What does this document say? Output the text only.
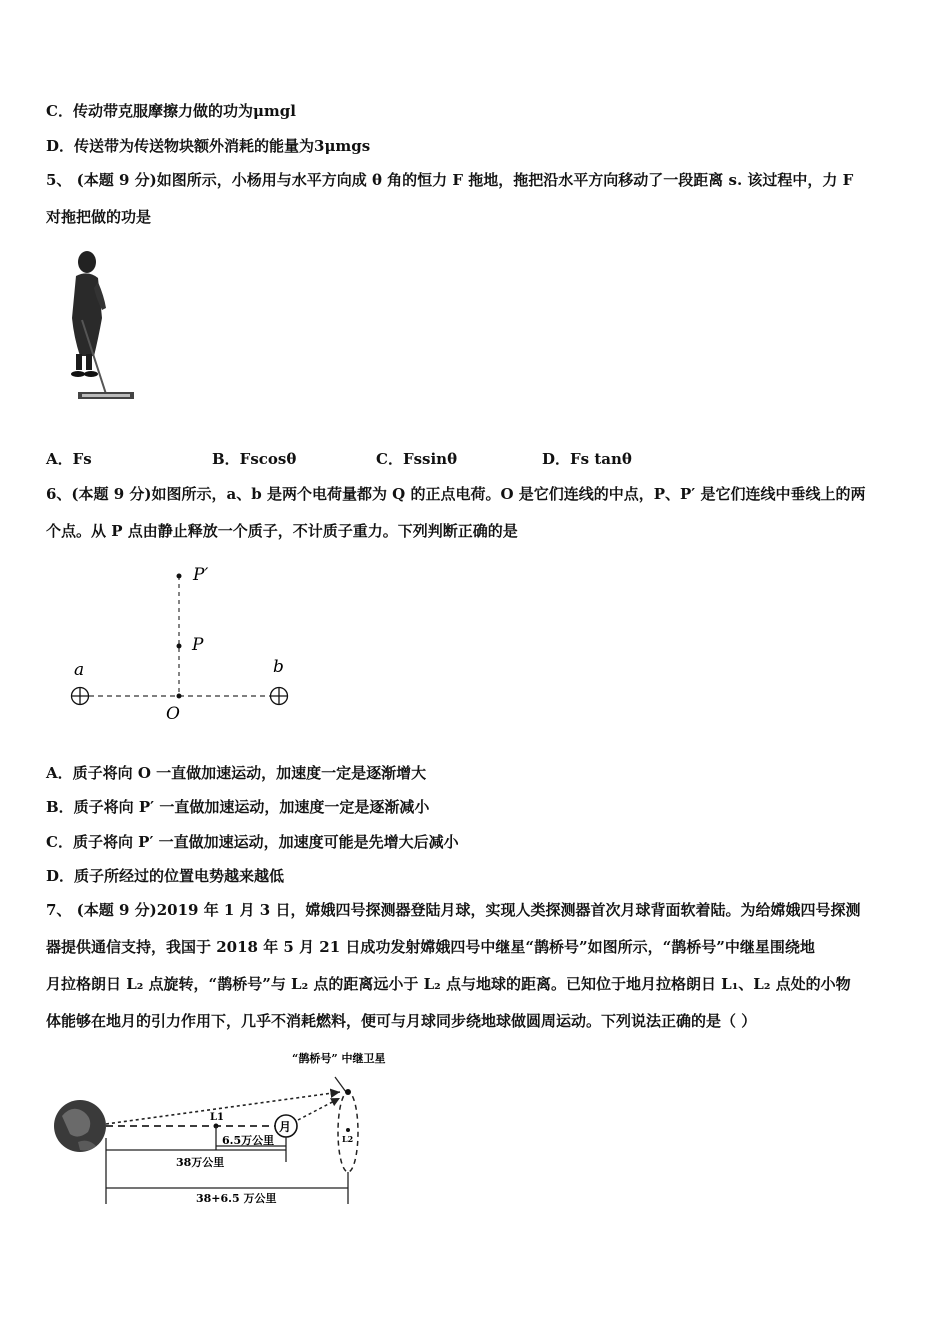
C．传动带克服摩擦力做的功为μmgl
D．传送带为传送物块额外消耗的能量为3μmgs
5、 (本题 9 分)如图所示，小杨用与水平方向成 θ 角的恒力 F 拖地，拖把沿水平方向移动了一段距离 s. 该过程中，力 F
对拖把做的功是
A．Fs	B．Fscosθ	C．Fssinθ	D．Fs tanθ
6、(本题 9 分)如图所示，a、b 是两个电荷量都为 Q 的正点电荷。O 是它们连线的中点，P、P′ 是它们连线中垂线上的两
个点。从 P 点由静止释放一个质子，不计质子重力。下列判断正确的是
P′
P
a	b
O
A．质子将向 O 一直做加速运动，加速度一定是逐渐增大
B．质子将向 P′ 一直做加速运动，加速度一定是逐渐减小
C．质子将向 P′ 一直做加速运动，加速度可能是先增大后减小
D．质子所经过的位置电势越来越低
7、 (本题 9 分)2019 年 1 月 3 日，嫦娥四号探测器登陆月球，实现人类探测器首次月球背面软着陆。为给嫦娥四号探测
器提供通信支持，我国于 2018 年 5 月 21 日成功发射嫦娥四号中继星“鹊桥号”如图所示，“鹊桥号”中继星围绕地
月拉格朗日 L₂ 点旋转，“鹊桥号”与 L₂ 点的距离远小于 L₂ 点与地球的距离。已知位于地月拉格朗日 L₁、L₂ 点处的小物
体能够在地月的引力作用下，几乎不消耗燃料，便可与月球同步绕地球做圆周运动。下列说法正确的是（ ）
L2
L1
月
“鹊桥号” 中继卫星
6.5万公里
38万公里
38+6.5 万公里
